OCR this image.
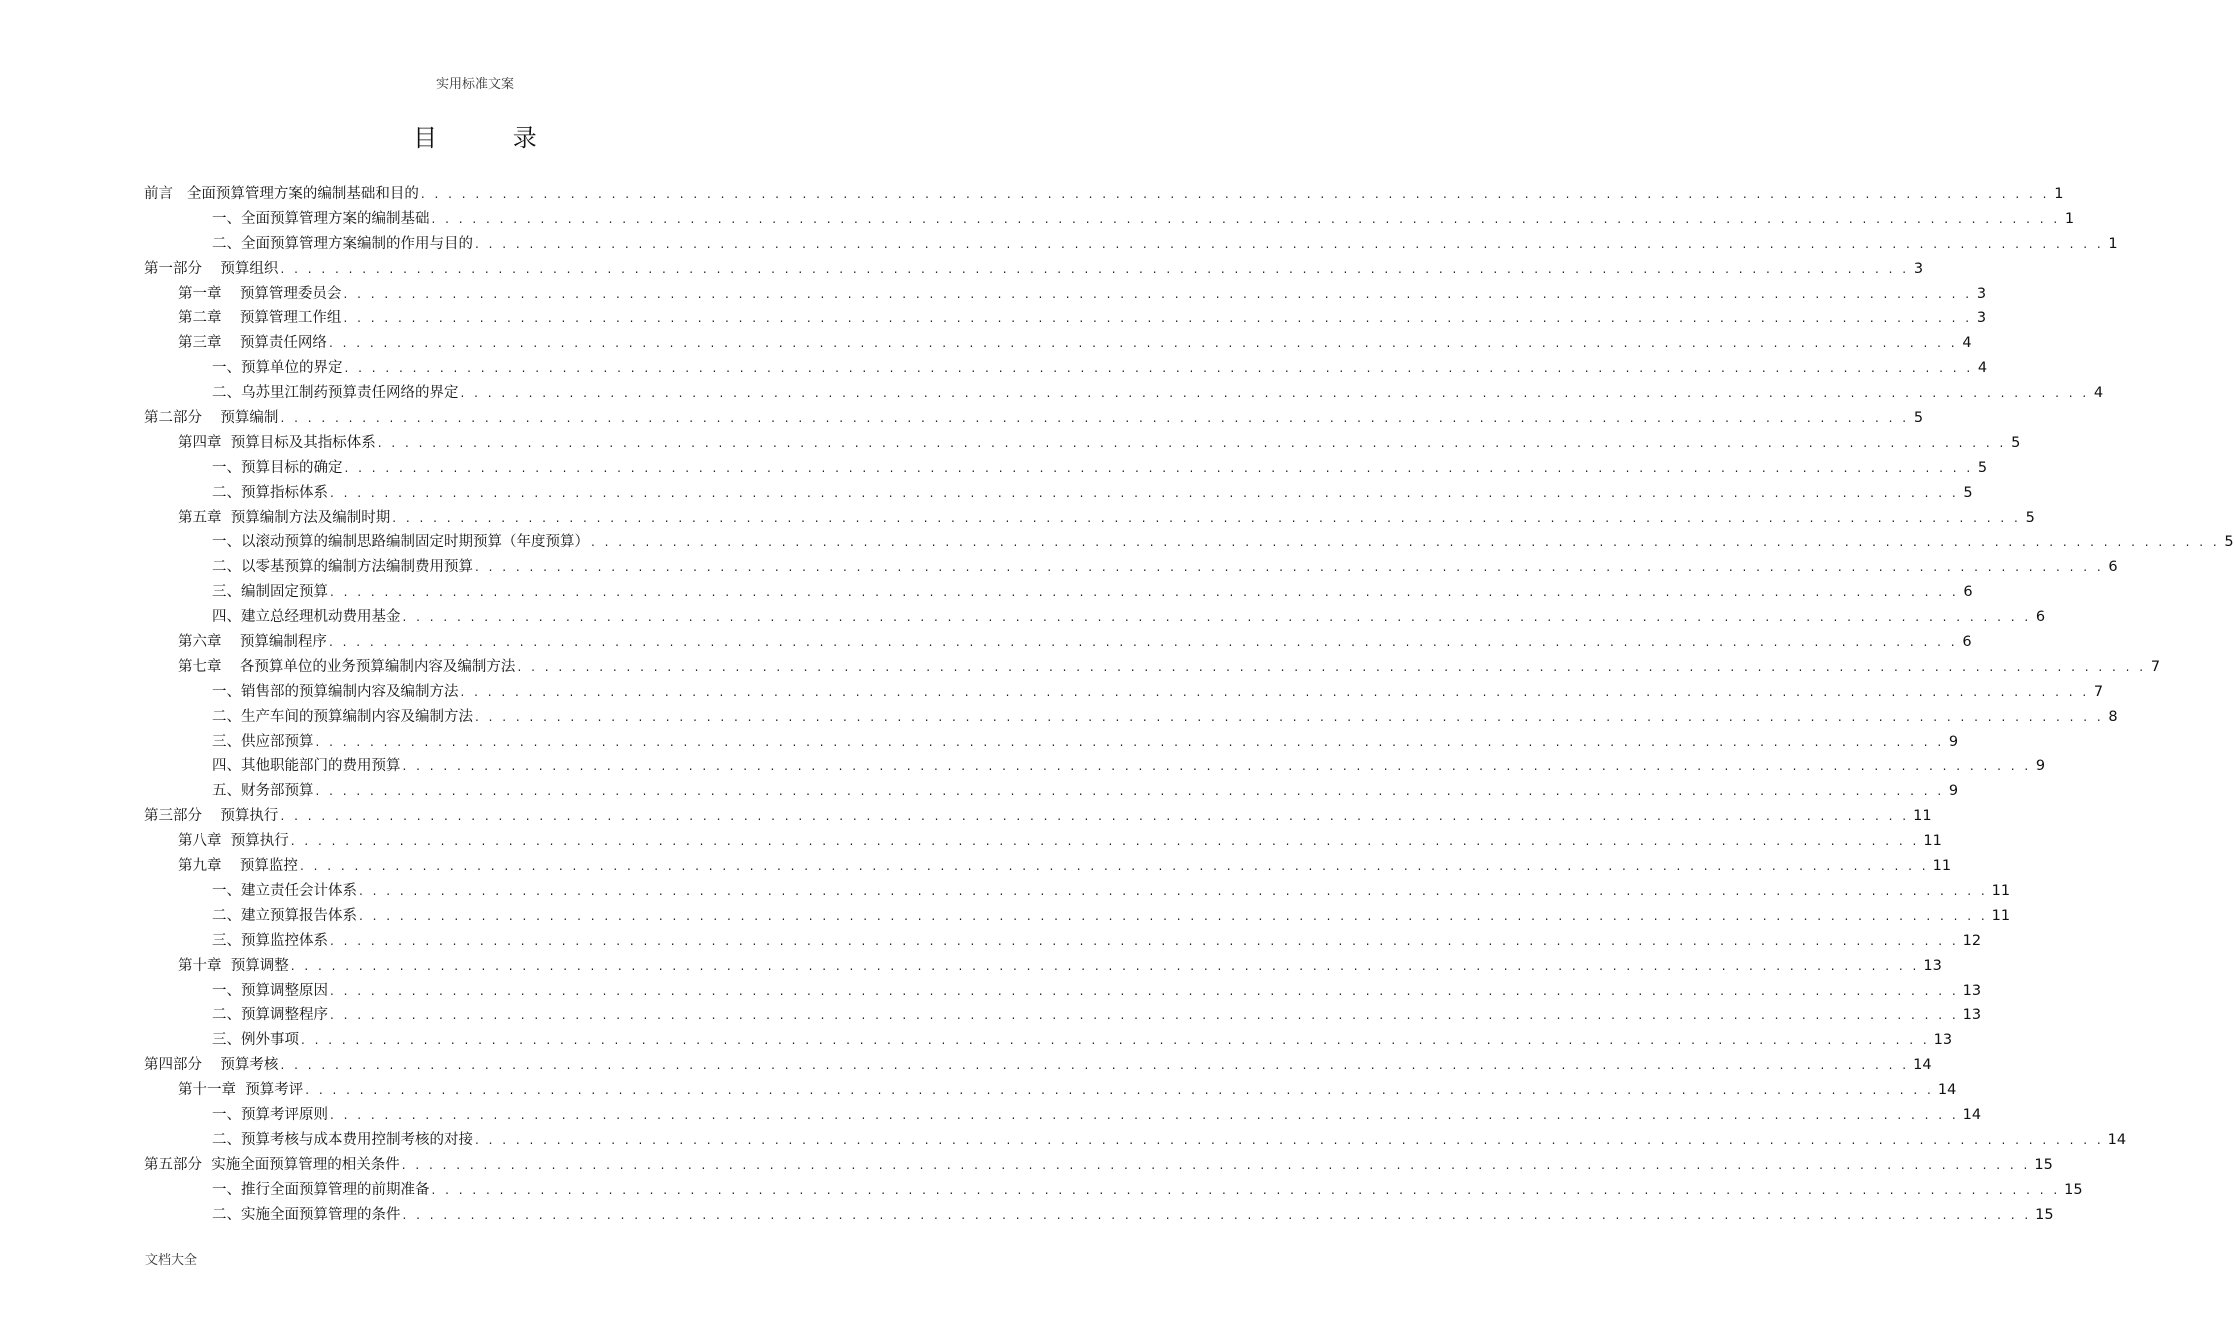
实用标准文案
目 录
前言   全面预算管理方案的编制基础和目的 . . . . . . . . . . . . . . . . . . . . . . . . . . . . . . . . . . . . . . . . . . . . . . . . . . . . . . . . . . . . . . . . . . . . . . . . . . . . . . . . . . . . . . . . . . . . . . . . . . . . . . . . . . . . . . . . . . . . . . . . 1
一、全面预算管理方案的编制基础 . . . . . . . . . . . . . . . . . . . . . . . . . . . . . . . . . . . . . . . . . . . . . . . . . . . . . . . . . . . . . . . . . . . . . . . . . . . . . . . . . . . . . . . . . . . . . . . . . . . . . . . . . . . . . . . . . . . . . . . . 1
二、全面预算管理方案编制的作用与目的 . . . . . . . . . . . . . . . . . . . . . . . . . . . . . . . . . . . . . . . . . . . . . . . . . . . . . . . . . . . . . . . . . . . . . . . . . . . . . . . . . . . . . . . . . . . . . . . . . . . . . . . . . . . . . . . . . . . . . . . . 1
第一部分    预算组织 . . . . . . . . . . . . . . . . . . . . . . . . . . . . . . . . . . . . . . . . . . . . . . . . . . . . . . . . . . . . . . . . . . . . . . . . . . . . . . . . . . . . . . . . . . . . . . . . . . . . . . . . . . . . . . . . . . . . . . . . 3
第一章    预算管理委员会 . . . . . . . . . . . . . . . . . . . . . . . . . . . . . . . . . . . . . . . . . . . . . . . . . . . . . . . . . . . . . . . . . . . . . . . . . . . . . . . . . . . . . . . . . . . . . . . . . . . . . . . . . . . . . . . . . . . . . . . . 3
第二章    预算管理工作组 . . . . . . . . . . . . . . . . . . . . . . . . . . . . . . . . . . . . . . . . . . . . . . . . . . . . . . . . . . . . . . . . . . . . . . . . . . . . . . . . . . . . . . . . . . . . . . . . . . . . . . . . . . . . . . . . . . . . . . . . 3
第三章    预算责任网络 . . . . . . . . . . . . . . . . . . . . . . . . . . . . . . . . . . . . . . . . . . . . . . . . . . . . . . . . . . . . . . . . . . . . . . . . . . . . . . . . . . . . . . . . . . . . . . . . . . . . . . . . . . . . . . . . . . . . . . . . 4
一、预算单位的界定 . . . . . . . . . . . . . . . . . . . . . . . . . . . . . . . . . . . . . . . . . . . . . . . . . . . . . . . . . . . . . . . . . . . . . . . . . . . . . . . . . . . . . . . . . . . . . . . . . . . . . . . . . . . . . . . . . . . . . . . . 4
二、乌苏里江制药预算责任网络的界定 . . . . . . . . . . . . . . . . . . . . . . . . . . . . . . . . . . . . . . . . . . . . . . . . . . . . . . . . . . . . . . . . . . . . . . . . . . . . . . . . . . . . . . . . . . . . . . . . . . . . . . . . . . . . . . . . . . . . . . . . 4
第二部分    预算编制 . . . . . . . . . . . . . . . . . . . . . . . . . . . . . . . . . . . . . . . . . . . . . . . . . . . . . . . . . . . . . . . . . . . . . . . . . . . . . . . . . . . . . . . . . . . . . . . . . . . . . . . . . . . . . . . . . . . . . . . . 5
第四章  预算目标及其指标体系 . . . . . . . . . . . . . . . . . . . . . . . . . . . . . . . . . . . . . . . . . . . . . . . . . . . . . . . . . . . . . . . . . . . . . . . . . . . . . . . . . . . . . . . . . . . . . . . . . . . . . . . . . . . . . . . . . . . . . . . . 5
一、预算目标的确定 . . . . . . . . . . . . . . . . . . . . . . . . . . . . . . . . . . . . . . . . . . . . . . . . . . . . . . . . . . . . . . . . . . . . . . . . . . . . . . . . . . . . . . . . . . . . . . . . . . . . . . . . . . . . . . . . . . . . . . . . 5
二、预算指标体系 . . . . . . . . . . . . . . . . . . . . . . . . . . . . . . . . . . . . . . . . . . . . . . . . . . . . . . . . . . . . . . . . . . . . . . . . . . . . . . . . . . . . . . . . . . . . . . . . . . . . . . . . . . . . . . . . . . . . . . . . 5
第五章  预算编制方法及编制时期 . . . . . . . . . . . . . . . . . . . . . . . . . . . . . . . . . . . . . . . . . . . . . . . . . . . . . . . . . . . . . . . . . . . . . . . . . . . . . . . . . . . . . . . . . . . . . . . . . . . . . . . . . . . . . . . . . . . . . . . . 5
一、以滚动预算的编制思路编制固定时期预算（年度预算） . . . . . . . . . . . . . . . . . . . . . . . . . . . . . . . . . . . . . . . . . . . . . . . . . . . . . . . . . . . . . . . . . . . . . . . . . . . . . . . . . . . . . . . . . . . . . . . . . . . . . . . . . . . . . . . . . . . . . . . . 5
二、以零基预算的编制方法编制费用预算 . . . . . . . . . . . . . . . . . . . . . . . . . . . . . . . . . . . . . . . . . . . . . . . . . . . . . . . . . . . . . . . . . . . . . . . . . . . . . . . . . . . . . . . . . . . . . . . . . . . . . . . . . . . . . . . . . . . . . . . . 6
三、编制固定预算 . . . . . . . . . . . . . . . . . . . . . . . . . . . . . . . . . . . . . . . . . . . . . . . . . . . . . . . . . . . . . . . . . . . . . . . . . . . . . . . . . . . . . . . . . . . . . . . . . . . . . . . . . . . . . . . . . . . . . . . . 6
四、建立总经理机动费用基金 . . . . . . . . . . . . . . . . . . . . . . . . . . . . . . . . . . . . . . . . . . . . . . . . . . . . . . . . . . . . . . . . . . . . . . . . . . . . . . . . . . . . . . . . . . . . . . . . . . . . . . . . . . . . . . . . . . . . . . . . 6
第六章    预算编制程序 . . . . . . . . . . . . . . . . . . . . . . . . . . . . . . . . . . . . . . . . . . . . . . . . . . . . . . . . . . . . . . . . . . . . . . . . . . . . . . . . . . . . . . . . . . . . . . . . . . . . . . . . . . . . . . . . . . . . . . . . 6
第七章    各预算单位的业务预算编制内容及编制方法 . . . . . . . . . . . . . . . . . . . . . . . . . . . . . . . . . . . . . . . . . . . . . . . . . . . . . . . . . . . . . . . . . . . . . . . . . . . . . . . . . . . . . . . . . . . . . . . . . . . . . . . . . . . . . . . . . . . . . . . . 7
一、销售部的预算编制内容及编制方法 . . . . . . . . . . . . . . . . . . . . . . . . . . . . . . . . . . . . . . . . . . . . . . . . . . . . . . . . . . . . . . . . . . . . . . . . . . . . . . . . . . . . . . . . . . . . . . . . . . . . . . . . . . . . . . . . . . . . . . . . 7
二、生产车间的预算编制内容及编制方法 . . . . . . . . . . . . . . . . . . . . . . . . . . . . . . . . . . . . . . . . . . . . . . . . . . . . . . . . . . . . . . . . . . . . . . . . . . . . . . . . . . . . . . . . . . . . . . . . . . . . . . . . . . . . . . . . . . . . . . . . 8
三、供应部预算 . . . . . . . . . . . . . . . . . . . . . . . . . . . . . . . . . . . . . . . . . . . . . . . . . . . . . . . . . . . . . . . . . . . . . . . . . . . . . . . . . . . . . . . . . . . . . . . . . . . . . . . . . . . . . . . . . . . . . . . . 9
四、其他职能部门的费用预算 . . . . . . . . . . . . . . . . . . . . . . . . . . . . . . . . . . . . . . . . . . . . . . . . . . . . . . . . . . . . . . . . . . . . . . . . . . . . . . . . . . . . . . . . . . . . . . . . . . . . . . . . . . . . . . . . . . . . . . . . 9
五、财务部预算 . . . . . . . . . . . . . . . . . . . . . . . . . . . . . . . . . . . . . . . . . . . . . . . . . . . . . . . . . . . . . . . . . . . . . . . . . . . . . . . . . . . . . . . . . . . . . . . . . . . . . . . . . . . . . . . . . . . . . . . . 9
第三部分    预算执行 . . . . . . . . . . . . . . . . . . . . . . . . . . . . . . . . . . . . . . . . . . . . . . . . . . . . . . . . . . . . . . . . . . . . . . . . . . . . . . . . . . . . . . . . . . . . . . . . . . . . . . . . . . . . . . . . . . . . . . . . 11
第八章  预算执行 . . . . . . . . . . . . . . . . . . . . . . . . . . . . . . . . . . . . . . . . . . . . . . . . . . . . . . . . . . . . . . . . . . . . . . . . . . . . . . . . . . . . . . . . . . . . . . . . . . . . . . . . . . . . . . . . . . . . . . . . 11
第九章    预算监控 . . . . . . . . . . . . . . . . . . . . . . . . . . . . . . . . . . . . . . . . . . . . . . . . . . . . . . . . . . . . . . . . . . . . . . . . . . . . . . . . . . . . . . . . . . . . . . . . . . . . . . . . . . . . . . . . . . . . . . . . 11
一、建立责任会计体系 . . . . . . . . . . . . . . . . . . . . . . . . . . . . . . . . . . . . . . . . . . . . . . . . . . . . . . . . . . . . . . . . . . . . . . . . . . . . . . . . . . . . . . . . . . . . . . . . . . . . . . . . . . . . . . . . . . . . . . . . 11
二、建立预算报告体系 . . . . . . . . . . . . . . . . . . . . . . . . . . . . . . . . . . . . . . . . . . . . . . . . . . . . . . . . . . . . . . . . . . . . . . . . . . . . . . . . . . . . . . . . . . . . . . . . . . . . . . . . . . . . . . . . . . . . . . . . 11
三、预算监控体系 . . . . . . . . . . . . . . . . . . . . . . . . . . . . . . . . . . . . . . . . . . . . . . . . . . . . . . . . . . . . . . . . . . . . . . . . . . . . . . . . . . . . . . . . . . . . . . . . . . . . . . . . . . . . . . . . . . . . . . . . 12
第十章  预算调整 . . . . . . . . . . . . . . . . . . . . . . . . . . . . . . . . . . . . . . . . . . . . . . . . . . . . . . . . . . . . . . . . . . . . . . . . . . . . . . . . . . . . . . . . . . . . . . . . . . . . . . . . . . . . . . . . . . . . . . . . 13
一、预算调整原因 . . . . . . . . . . . . . . . . . . . . . . . . . . . . . . . . . . . . . . . . . . . . . . . . . . . . . . . . . . . . . . . . . . . . . . . . . . . . . . . . . . . . . . . . . . . . . . . . . . . . . . . . . . . . . . . . . . . . . . . . 13
二、预算调整程序 . . . . . . . . . . . . . . . . . . . . . . . . . . . . . . . . . . . . . . . . . . . . . . . . . . . . . . . . . . . . . . . . . . . . . . . . . . . . . . . . . . . . . . . . . . . . . . . . . . . . . . . . . . . . . . . . . . . . . . . . 13
三、例外事项 . . . . . . . . . . . . . . . . . . . . . . . . . . . . . . . . . . . . . . . . . . . . . . . . . . . . . . . . . . . . . . . . . . . . . . . . . . . . . . . . . . . . . . . . . . . . . . . . . . . . . . . . . . . . . . . . . . . . . . . . 13
第四部分    预算考核 . . . . . . . . . . . . . . . . . . . . . . . . . . . . . . . . . . . . . . . . . . . . . . . . . . . . . . . . . . . . . . . . . . . . . . . . . . . . . . . . . . . . . . . . . . . . . . . . . . . . . . . . . . . . . . . . . . . . . . . . 14
第十一章  预算考评 . . . . . . . . . . . . . . . . . . . . . . . . . . . . . . . . . . . . . . . . . . . . . . . . . . . . . . . . . . . . . . . . . . . . . . . . . . . . . . . . . . . . . . . . . . . . . . . . . . . . . . . . . . . . . . . . . . . . . . . . 14
一、预算考评原则 . . . . . . . . . . . . . . . . . . . . . . . . . . . . . . . . . . . . . . . . . . . . . . . . . . . . . . . . . . . . . . . . . . . . . . . . . . . . . . . . . . . . . . . . . . . . . . . . . . . . . . . . . . . . . . . . . . . . . . . . 14
二、预算考核与成本费用控制考核的对接 . . . . . . . . . . . . . . . . . . . . . . . . . . . . . . . . . . . . . . . . . . . . . . . . . . . . . . . . . . . . . . . . . . . . . . . . . . . . . . . . . . . . . . . . . . . . . . . . . . . . . . . . . . . . . . . . . . . . . . . . 14
第五部分  实施全面预算管理的相关条件 . . . . . . . . . . . . . . . . . . . . . . . . . . . . . . . . . . . . . . . . . . . . . . . . . . . . . . . . . . . . . . . . . . . . . . . . . . . . . . . . . . . . . . . . . . . . . . . . . . . . . . . . . . . . . . . . . . . . . . . . 15
一、推行全面预算管理的前期准备 . . . . . . . . . . . . . . . . . . . . . . . . . . . . . . . . . . . . . . . . . . . . . . . . . . . . . . . . . . . . . . . . . . . . . . . . . . . . . . . . . . . . . . . . . . . . . . . . . . . . . . . . . . . . . . . . . . . . . . . . 15
二、实施全面预算管理的条件 . . . . . . . . . . . . . . . . . . . . . . . . . . . . . . . . . . . . . . . . . . . . . . . . . . . . . . . . . . . . . . . . . . . . . . . . . . . . . . . . . . . . . . . . . . . . . . . . . . . . . . . . . . . . . . . . . . . . . . . . 15
文档大全
